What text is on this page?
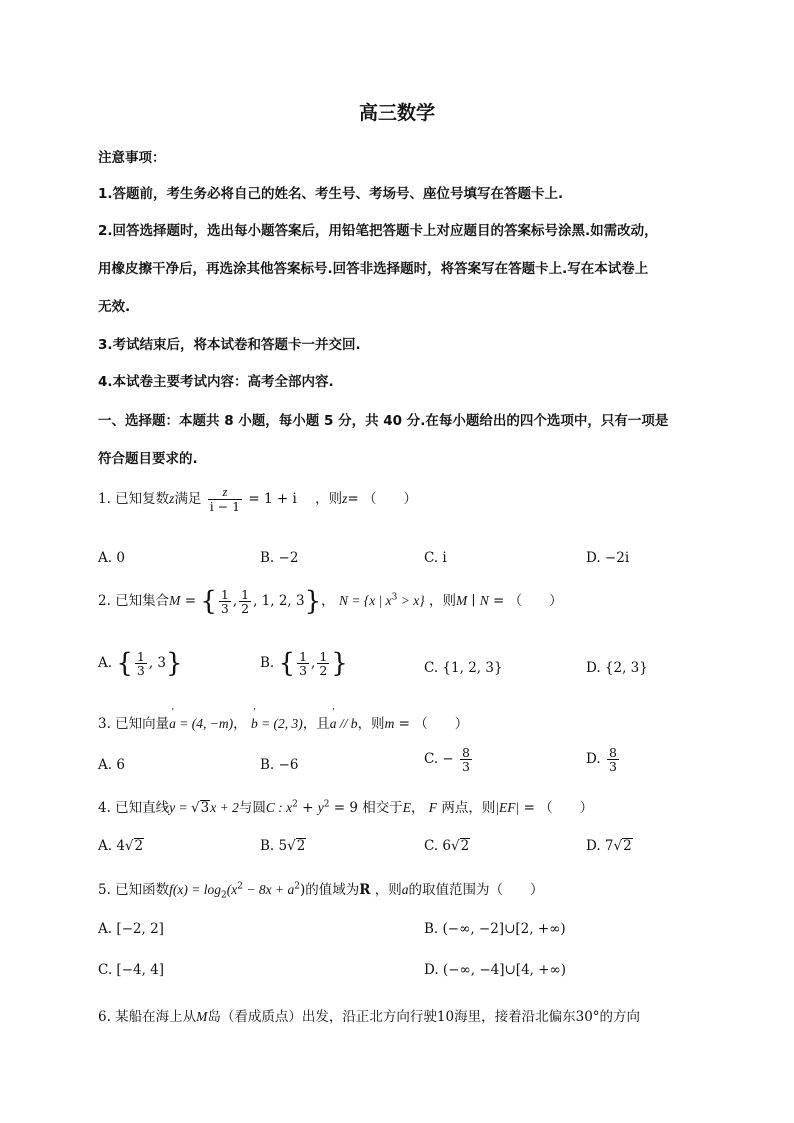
高三数学
注意事项：
1.答题前，考生务必将自己的姓名、考生号、考场号、座位号填写在答题卡上.
2.回答选择题时，选出每小题答案后，用铅笔把答题卡上对应题目的答案标号涂黑.如需改动，
用橡皮擦干净后，再选涂其他答案标号.回答非选择题时，将答案写在答题卡上.写在本试卷上
无效.
3.考试结束后，将本试卷和答题卡一并交回.
4.本试卷主要考试内容：高考全部内容.
一、选择题：本题共 8 小题，每小题 5 分，共 40 分.在每小题给出的四个选项中，只有一项是
符合题目要求的.
1. 已知复数z满足 $\frac{z}{i - 1} = 1 + i$ ，则z= （　　）
A. 0	B. −2	C. i	D. −2i
2. 已知集合M = { $\frac{1}{3}$ , $\frac{1}{2}$ , 1, 2, 3}， N = {x | $x^3 > x$} ，则M ∣ N = （　　）
A. { $\frac{1}{3}$ , 3}	B. { $\frac{1}{3}$ , $\frac{1}{2}$ }	C. {1, 2, 3}	D. {2, 3}
3. 已知向量' a = (4, −m)， ' b = (2, 3)，且' a // b，则m = （　　）
A. 6	B. −6	C. − $\frac{8}{3}$	D. $\frac{8}{3}$
4. 已知直线y = √3x + 2与圆C : $x^2 + y^2 = 9$ 相交于E， F 两点，则|EF| = （　　）
A. 4√2	B. 5√2	C. 6√2	D. 7√2
5. 已知函数$f(x) = \log_2(x^2 - 8x + a^2)$的值域为R ，则a的取值范围为（　　）
A. [−2, 2]	B. (−∞, −2]∪[2, +∞)
C. [−4, 4]	D. (−∞, −4]∪[4, +∞)
6. 某船在海上从M岛（看成质点）出发，沿正北方向行驶10海里，接着沿北偏东30°的方向
